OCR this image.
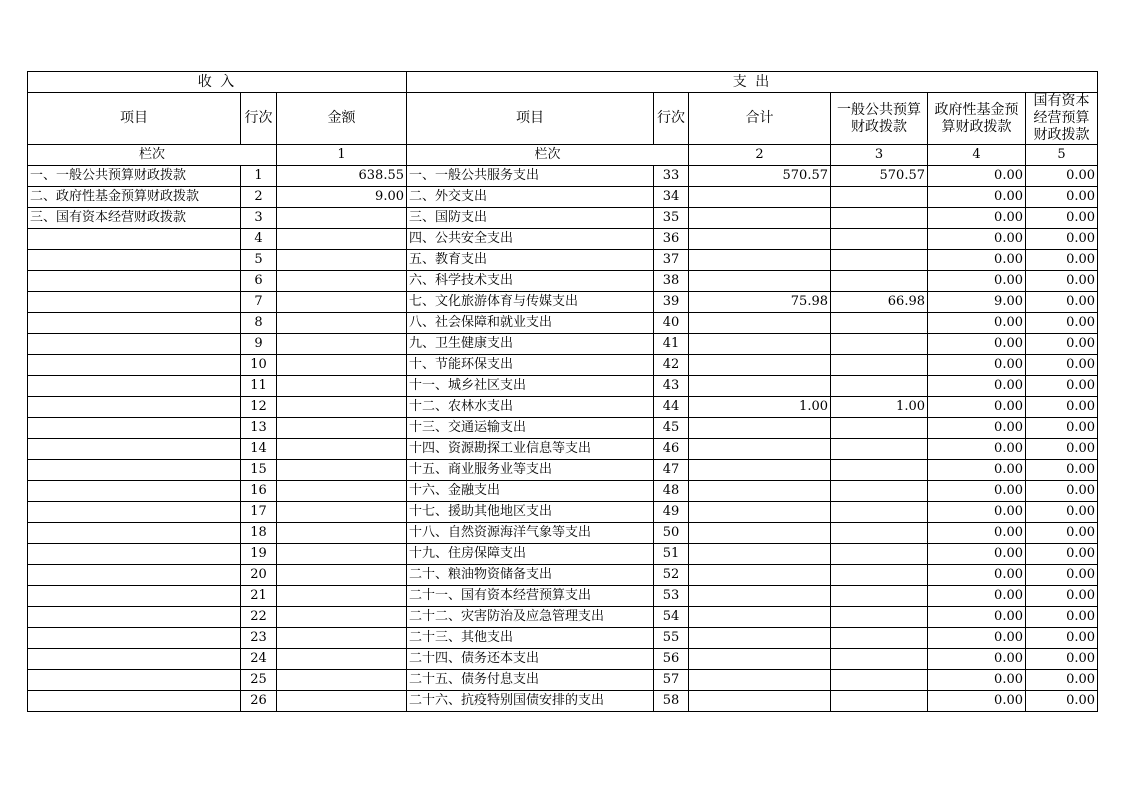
收 入			支 出					
项目	行次	金额	项目	行次	合计	一般公共预算财政拨款	政府性基金预算财政拨款	国有资本经营预算财政拨款
栏次		1	栏次		2	3	4	5
一、一般公共预算财政拨款	1	638.55	一、一般公共服务支出	33	570.57	570.57	0.00	0.00
二、政府性基金预算财政拨款	2	9.00	二、外交支出	34			0.00	0.00
三、国有资本经营财政拨款	3		三、国防支出	35			0.00	0.00
	4		四、公共安全支出	36			0.00	0.00
	5		五、教育支出	37			0.00	0.00
	6		六、科学技术支出	38			0.00	0.00
	7		七、文化旅游体育与传媒支出	39	75.98	66.98	9.00	0.00
	8		八、社会保障和就业支出	40			0.00	0.00
	9		九、卫生健康支出	41			0.00	0.00
	10		十、节能环保支出	42			0.00	0.00
	11		十一、城乡社区支出	43			0.00	0.00
	12		十二、农林水支出	44	1.00	1.00	0.00	0.00
	13		十三、交通运输支出	45			0.00	0.00
	14		十四、资源勘探工业信息等支出	46			0.00	0.00
	15		十五、商业服务业等支出	47			0.00	0.00
	16		十六、金融支出	48			0.00	0.00
	17		十七、援助其他地区支出	49			0.00	0.00
	18		十八、自然资源海洋气象等支出	50			0.00	0.00
	19		十九、住房保障支出	51			0.00	0.00
	20		二十、粮油物资储备支出	52			0.00	0.00
	21		二十一、国有资本经营预算支出	53			0.00	0.00
	22		二十二、灾害防治及应急管理支出	54			0.00	0.00
	23		二十三、其他支出	55			0.00	0.00
	24		二十四、债务还本支出	56			0.00	0.00
	25		二十五、债务付息支出	57			0.00	0.00
	26		二十六、抗疫特别国债安排的支出	58			0.00	0.00
